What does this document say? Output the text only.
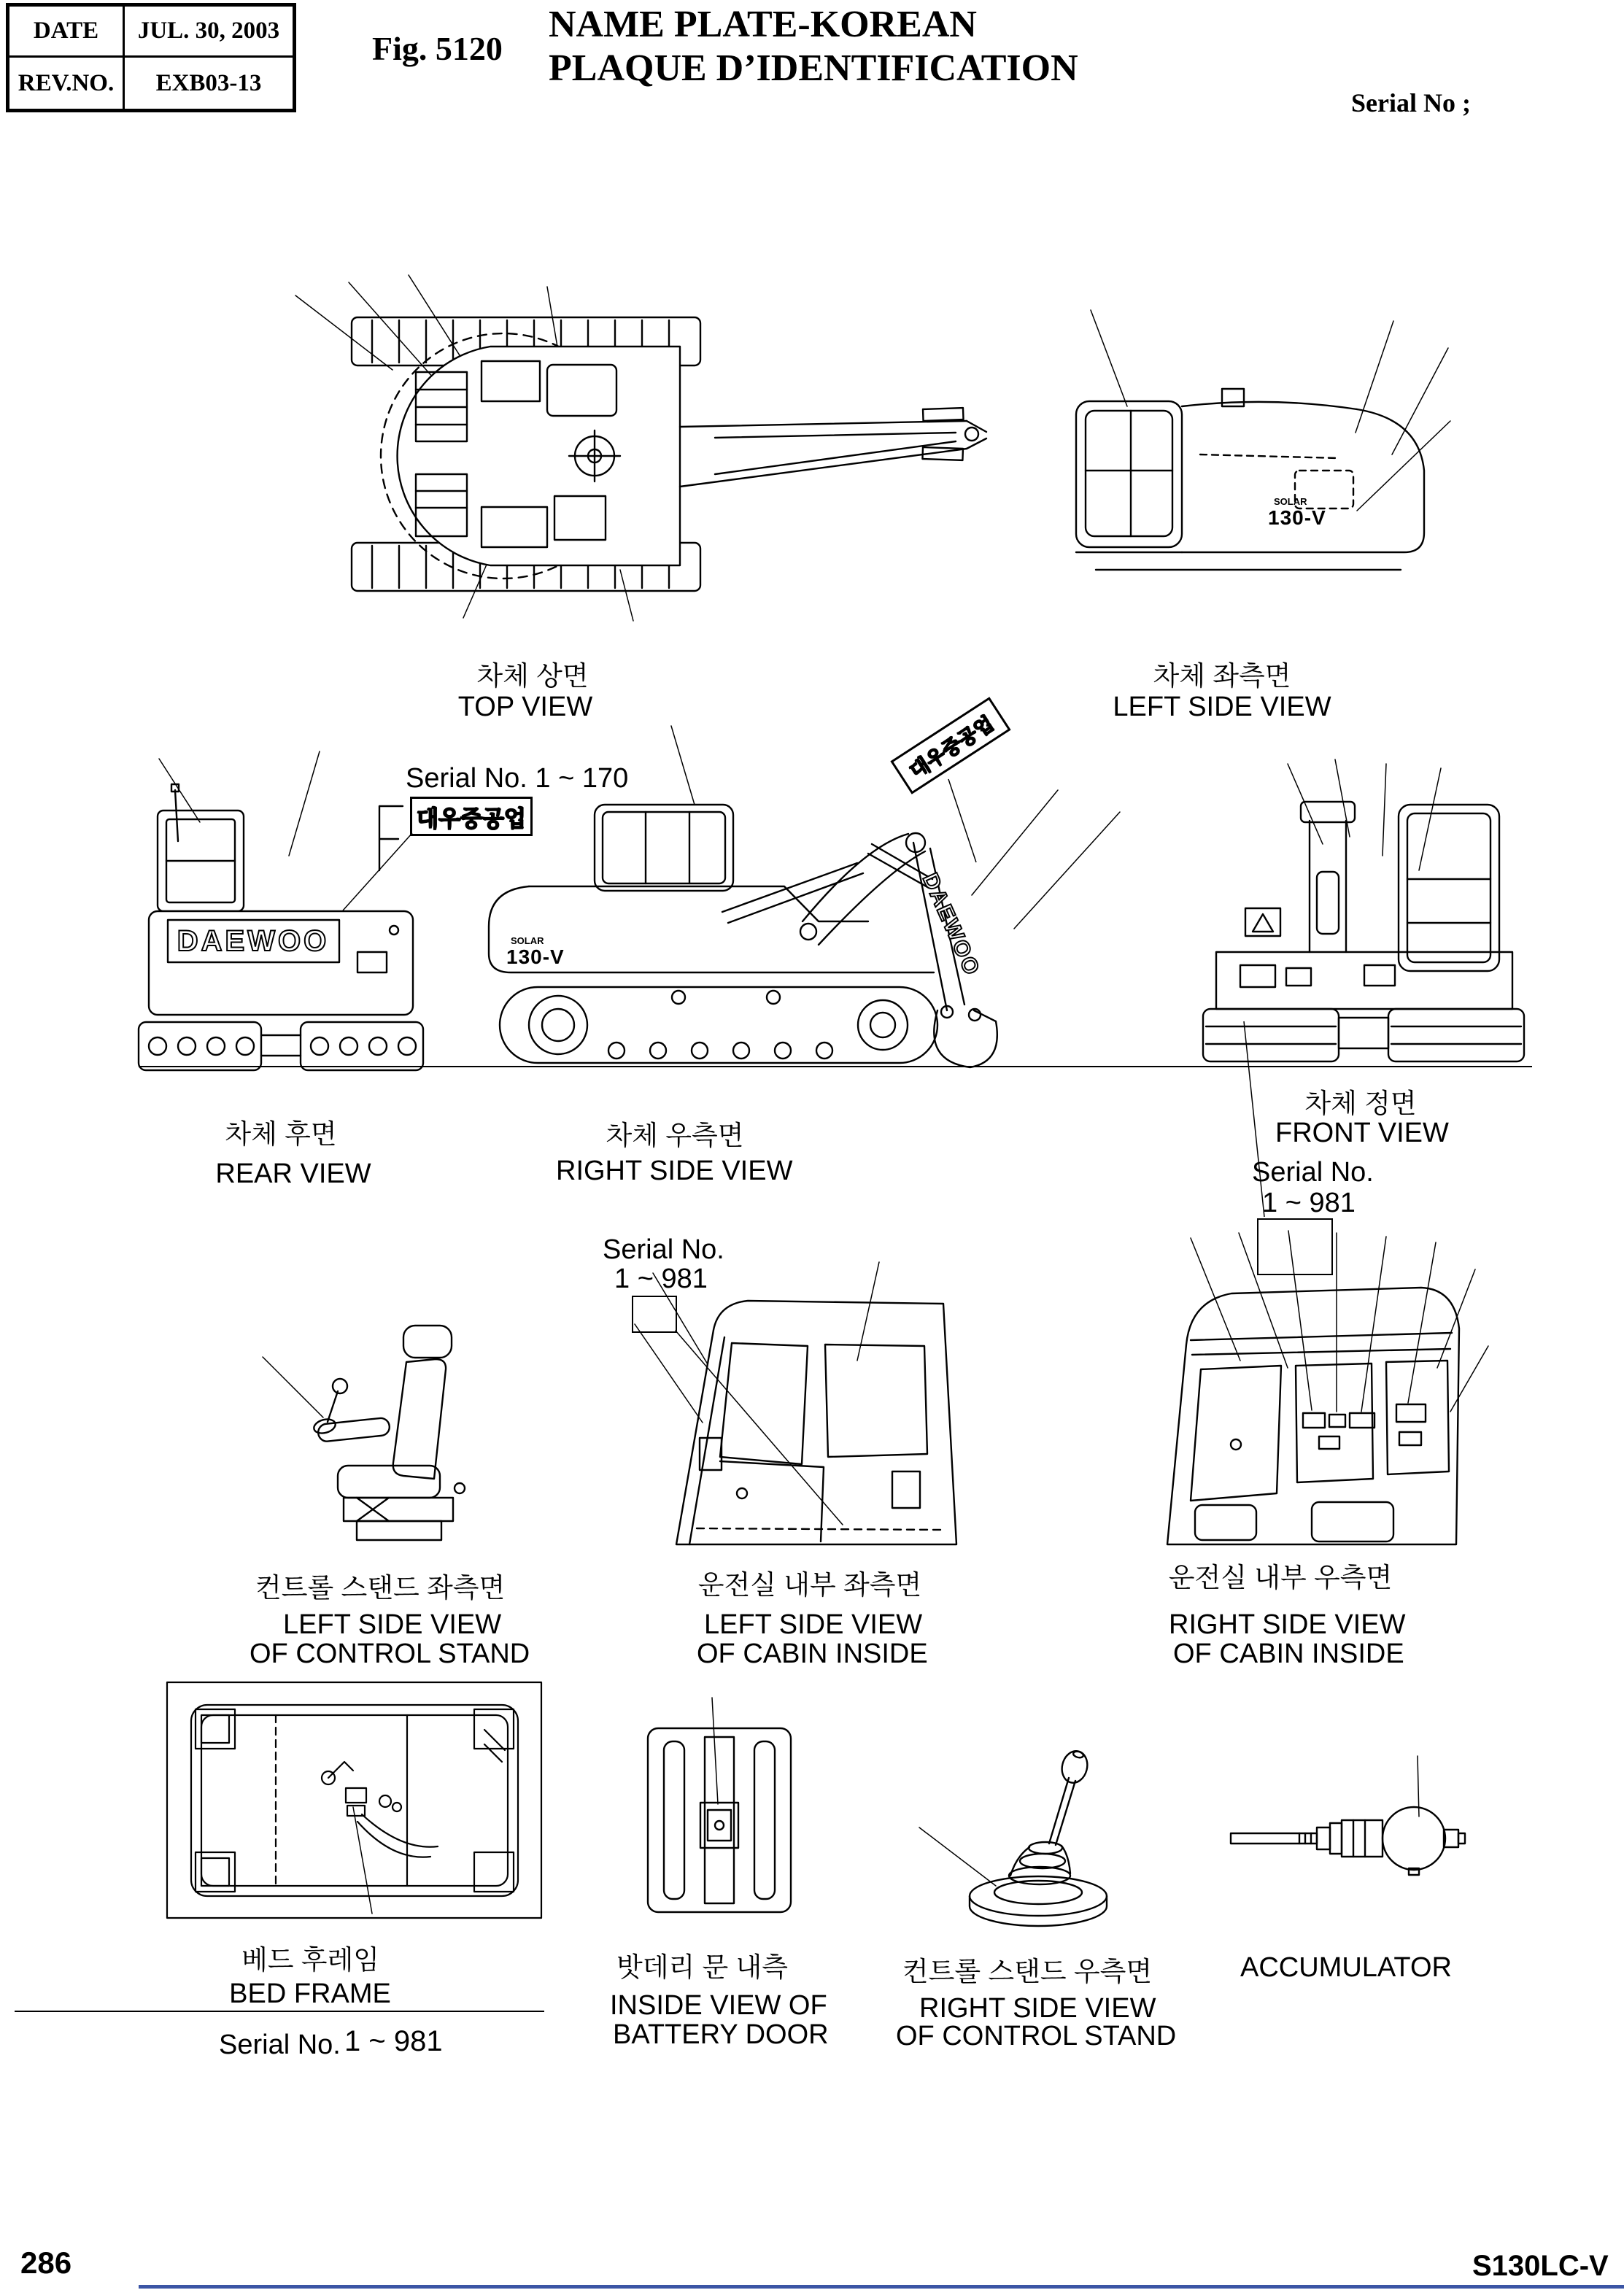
DATE	JUL. 30, 2003
REV.NO.	EXB03-13
Fig. 5120
NAME PLATE-KOREAN
PLAQUE D’IDENTIFICATION
Serial No ;
SOLAR
130-V
차체 상면
TOP VIEW
차체 좌측면
LEFT SIDE VIEW
Serial No. 1 ~ 170
대우중공업
DAEWOO
대우중공업
DAEWOO
SOLAR
130-V
차체 후면
REAR VIEW
차체 우측면
RIGHT SIDE VIEW
차체 정면
FRONT VIEW
Serial No.
1 ~ 981
Serial No.
1 ~ 981
컨트롤 스탠드 좌측면
LEFT SIDE VIEW
OF CONTROL STAND
운전실 내부 좌측면
LEFT SIDE VIEW
OF CABIN INSIDE
운전실 내부 우측면
RIGHT SIDE VIEW
OF CABIN INSIDE
베드 후레임
BED FRAME
Serial No. 1 ~ 981
밧데리 문 내측
INSIDE VIEW OF
BATTERY DOOR
컨트롤 스탠드 우측면
RIGHT SIDE VIEW
OF CONTROL STAND
ACCUMULATOR
286	S130LC-V
